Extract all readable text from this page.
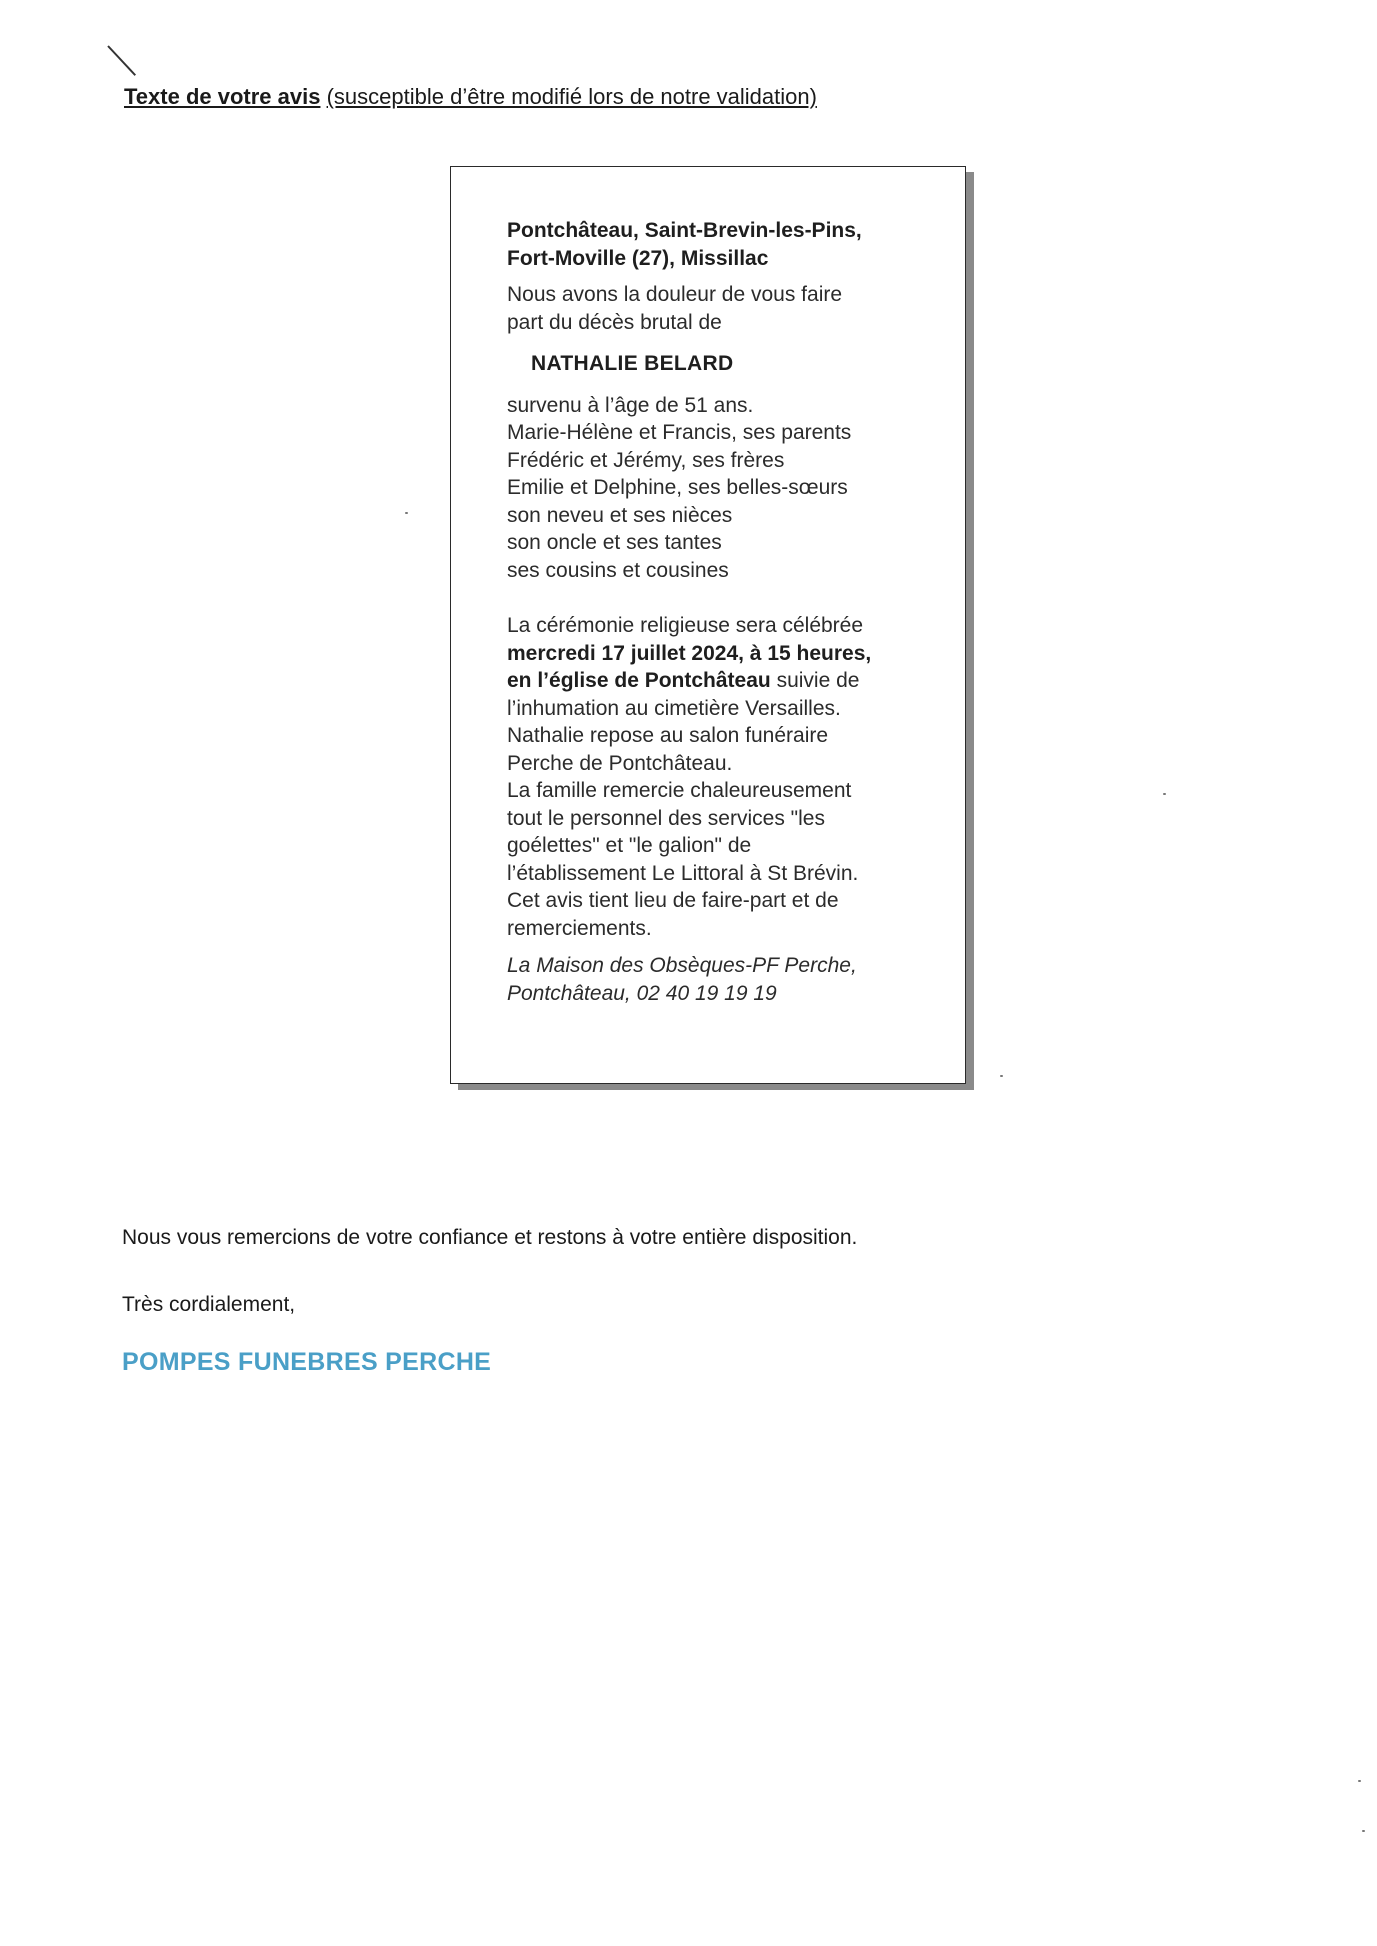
Texte de votre avis (susceptible d’être modifié lors de notre validation)
Pontchâteau, Saint-Brevin-les-Pins,
Fort-Moville (27), Missillac
Nous avons la douleur de vous faire
part du décès brutal de
NATHALIE BELARD
survenu à l’âge de 51 ans.
Marie-Hélène et Francis, ses parents
Frédéric et Jérémy, ses frères
Emilie et Delphine, ses belles-sœurs
son neveu et ses nièces
son oncle et ses tantes
ses cousins et cousines
La cérémonie religieuse sera célébrée
mercredi 17 juillet 2024, à 15 heures,
en l’église de Pontchâteau suivie de
l’inhumation au cimetière Versailles.
Nathalie repose au salon funéraire
Perche de Pontchâteau.
La famille remercie chaleureusement
tout le personnel des services "les
goélettes" et "le galion" de
l’établissement Le Littoral à St Brévin.
Cet avis tient lieu de faire-part et de
remerciements.
La Maison des Obsèques-PF Perche,
Pontchâteau, 02 40 19 19 19
Nous vous remercions de votre confiance et restons à votre entière disposition.
Très cordialement,
POMPES FUNEBRES PERCHE
